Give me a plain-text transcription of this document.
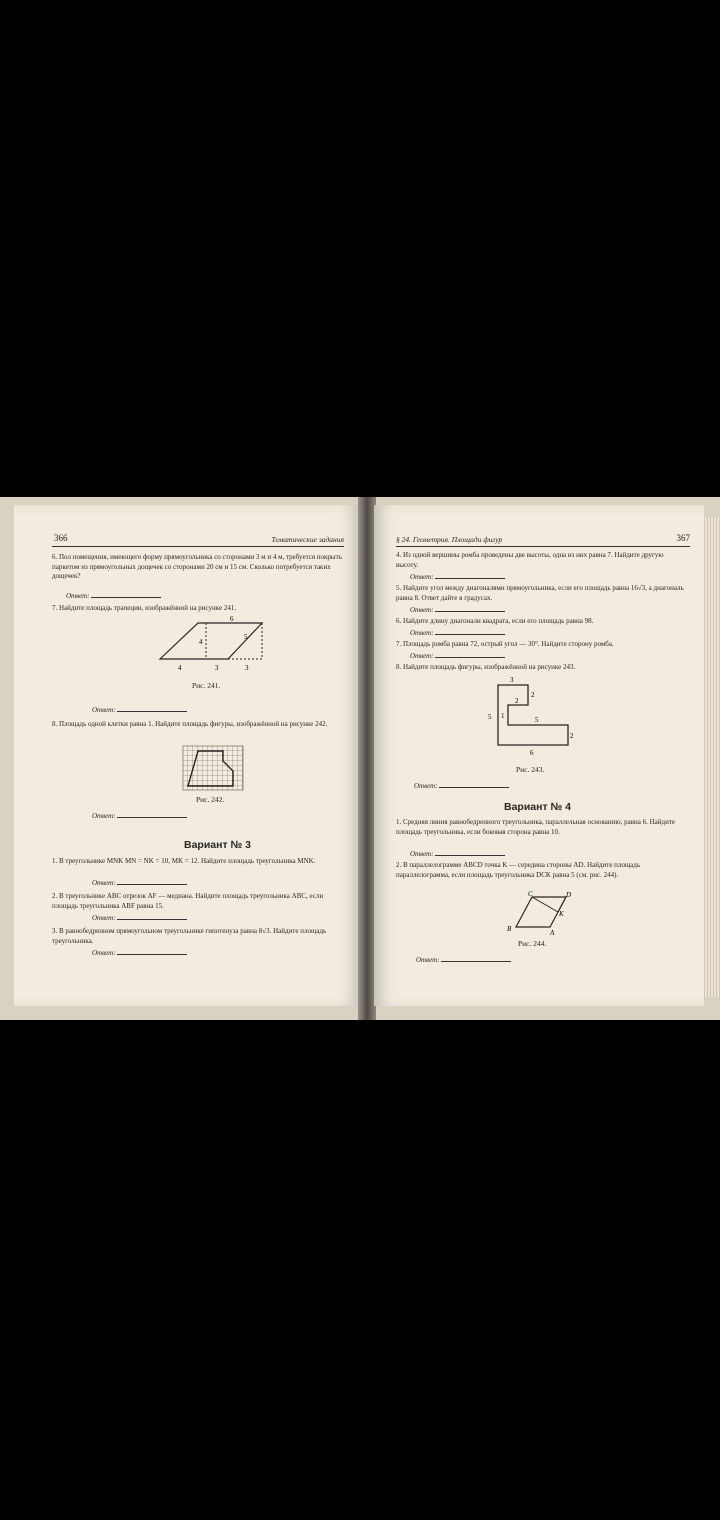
366	Тематические задания
6. Пол помещения, имеющего форму прямоугольника со сторонами 3 м и 4 м, требуется покрыть паркетом из прямоугольных дощечек со сторонами 20 см и 15 см. Сколько потребуется таких дощечек?
Ответ:
7. Найдите площадь трапеции, изображённой на рисунке 241.
6
4
5
4	3	3
Рис. 241.
Ответ:
8. Площадь одной клетки равна 1. Найдите площадь фигуры, изображённой на рисунке 242.
Рис. 242.
Ответ:
Вариант № 3
1. В треугольнике MNK MN = NK = 10, MK = 12. Найдите площадь треугольника MNK.
Ответ:
2. В треугольнике ABC отрезок AF — медиана. Найдите площадь треугольника ABC, если площадь треугольника ABF равна 15.
Ответ:
3. В равнобедренном прямоугольном треугольнике гипотенуза равна 8√3. Найдите площадь треугольника.
Ответ:
§ 24. Геометрия. Площади фигур	367
4. Из одной вершины ромба проведены две высоты, одна из них равна 7. Найдите другую высоту.
Ответ:
5. Найдите угол между диагоналями прямоугольника, если его площадь равна 16√3, а диагональ равна 8. Ответ дайте в градусах.
Ответ:
6. Найдите длину диагонали квадрата, если его площадь равна 98.
Ответ:
7. Площадь ромба равна 72, острый угол — 30°. Найдите сторону ромба.
Ответ:
8. Найдите площадь фигуры, изображённой на рисунке 243.
3
2
2
5 1	5
2
6
Рис. 243.
Ответ:
Вариант № 4
1. Средняя линия равнобедренного треугольника, параллельная основанию, равна 6. Найдите площадь треугольника, если боковая сторона равна 10.
Ответ:
2. В параллелограмме ABCD точка K — середина стороны AD. Найдите площадь параллелограмма, если площадь треугольника DCK равна 5 (см. рис. 244).
C	D
K
B	A
Рис. 244.
Ответ:
